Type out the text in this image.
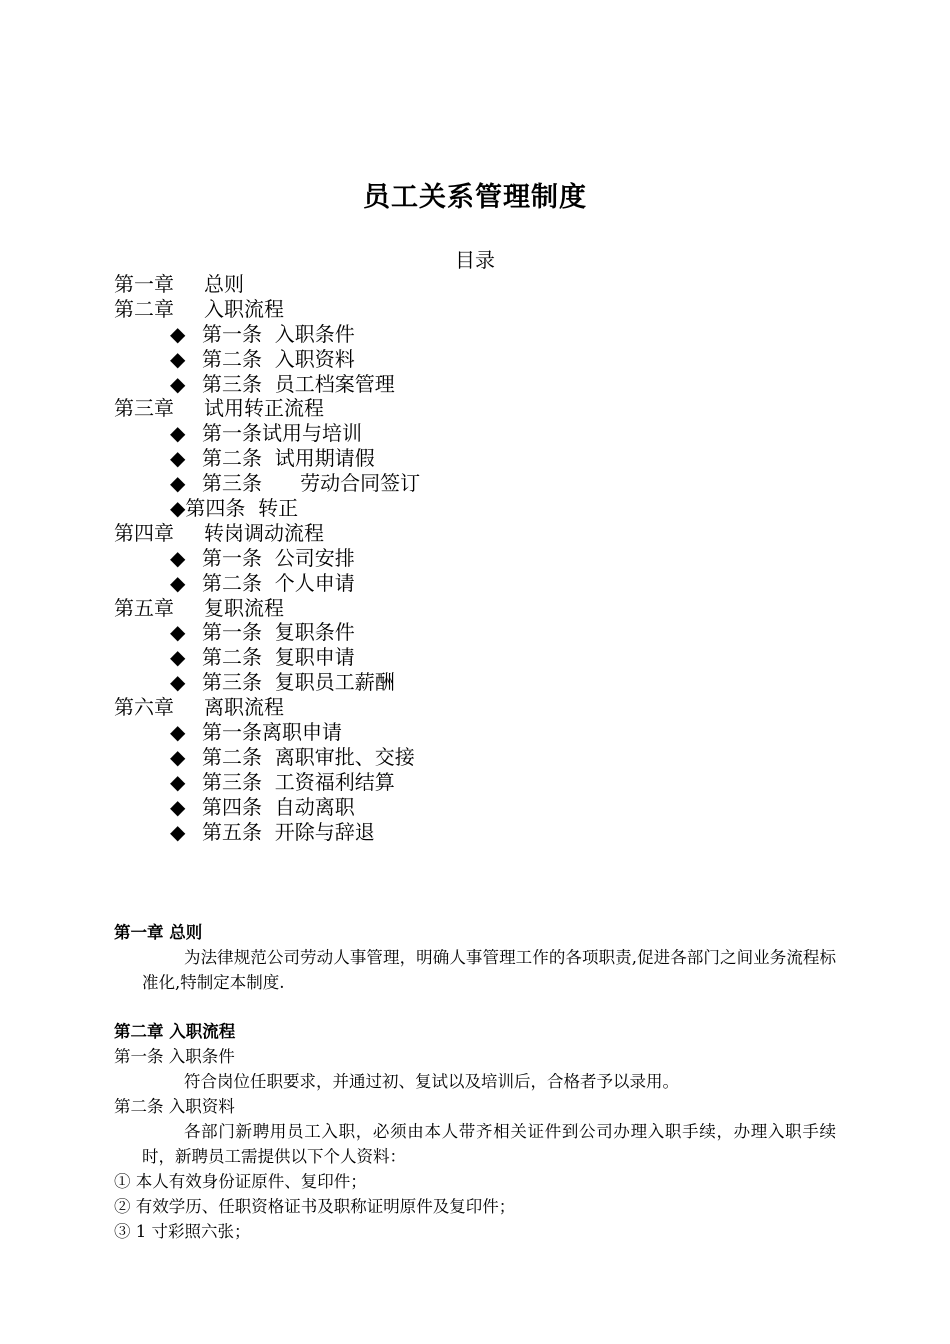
员工关系管理制度
目录
第一章 总则
第二章 入职流程
◆ 第一条  入职条件
◆ 第二条  入职资料
◆ 第三条  员工档案管理
第三章 试用转正流程
◆ 第一条试用与培训
◆ 第二条  试用期请假
◆ 第三条      劳动合同签订
◆第四条  转正
第四章 转岗调动流程
◆ 第一条  公司安排
◆ 第二条  个人申请
第五章 复职流程
◆ 第一条  复职条件
◆ 第二条  复职申请
◆ 第三条  复职员工薪酬
第六章 离职流程
◆ 第一条离职申请
◆ 第二条  离职审批、交接
◆ 第三条  工资福利结算
◆ 第四条  自动离职
◆ 第五条  开除与辞退
第一章 总则
为法律规范公司劳动人事管理，明确人事管理工作的各项职责,促进各部门之间业务流程标准化,特制定本制度.
第二章 入职流程
第一条 入职条件
符合岗位任职要求，并通过初、复试以及培训后，合格者予以录用。
第二条 入职资料
各部门新聘用员工入职，必须由本人带齐相关证件到公司办理入职手续，办理入职手续时，新聘员工需提供以下个人资料：
① 本人有效身份证原件、复印件；
② 有效学历、任职资格证书及职称证明原件及复印件；
③ 1 寸彩照六张；
